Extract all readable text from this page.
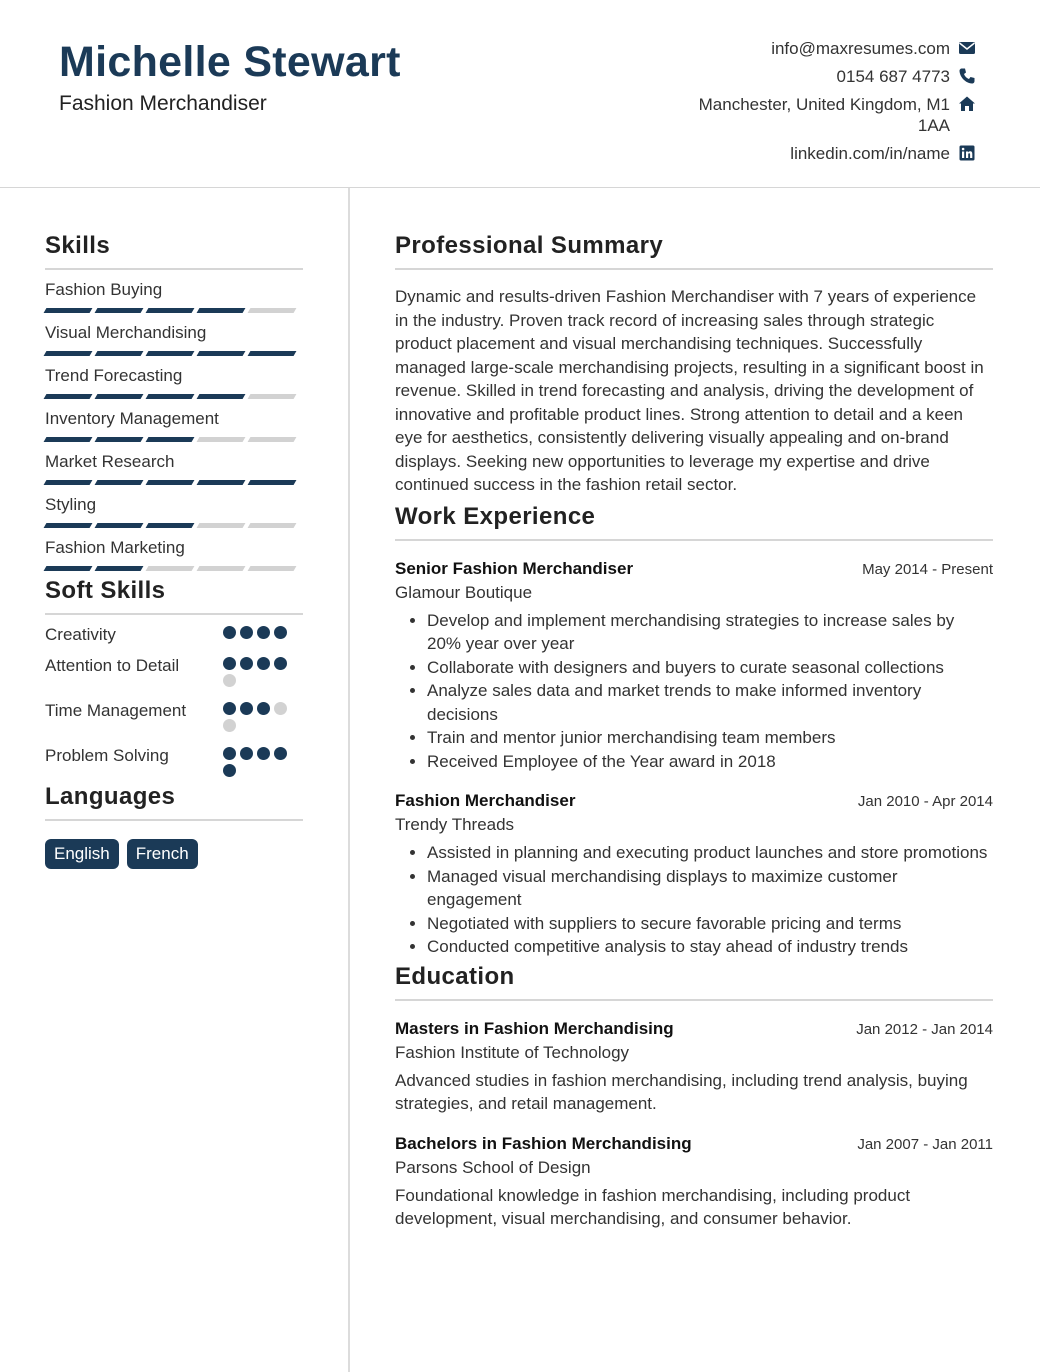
Michelle Stewart
Fashion Merchandiser
info@maxresumes.com
0154 687 4773
Manchester, United Kingdom, M1 1AA
linkedin.com/in/name
Skills
Fashion Buying
Visual Merchandising
Trend Forecasting
Inventory Management
Market Research
Styling
Fashion Marketing
Soft Skills
Creativity
Attention to Detail
Time Management
Problem Solving
Languages
English	French
Professional Summary
Dynamic and results-driven Fashion Merchandiser with 7 years of experience in the industry. Proven track record of increasing sales through strategic product placement and visual merchandising techniques. Successfully managed large-scale merchandising projects, resulting in a significant boost in revenue. Skilled in trend forecasting and analysis, driving the development of innovative and profitable product lines. Strong attention to detail and a keen eye for aesthetics, consistently delivering visually appealing and on-brand displays. Seeking new opportunities to leverage my expertise and drive continued success in the fashion retail sector.
Work Experience
Senior Fashion Merchandiser	May 2014 - Present
Glamour Boutique
• Develop and implement merchandising strategies to increase sales by 20% year over year
• Collaborate with designers and buyers to curate seasonal collections
• Analyze sales data and market trends to make informed inventory decisions
• Train and mentor junior merchandising team members
• Received Employee of the Year award in 2018
Fashion Merchandiser	Jan 2010 - Apr 2014
Trendy Threads
• Assisted in planning and executing product launches and store promotions
• Managed visual merchandising displays to maximize customer engagement
• Negotiated with suppliers to secure favorable pricing and terms
• Conducted competitive analysis to stay ahead of industry trends
Education
Masters in Fashion Merchandising	Jan 2012 - Jan 2014
Fashion Institute of Technology
Advanced studies in fashion merchandising, including trend analysis, buying strategies, and retail management.
Bachelors in Fashion Merchandising	Jan 2007 - Jan 2011
Parsons School of Design
Foundational knowledge in fashion merchandising, including product development, visual merchandising, and consumer behavior.
